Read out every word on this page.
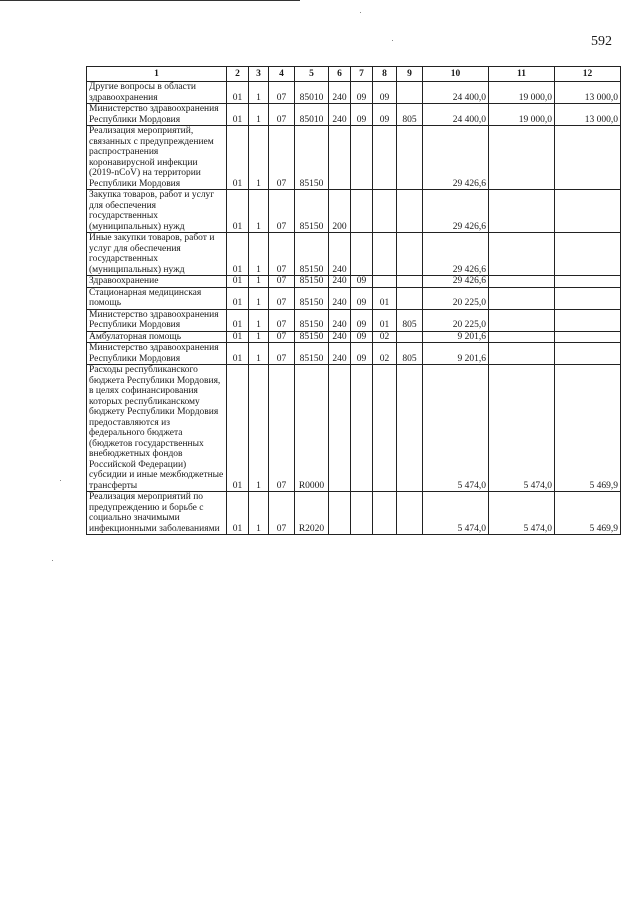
592
1	2	3	4	5	6	7	8	9	10	11	12
Другие вопросы в области здравоохранения	01	1	07	85010	240	09	09		24 400,0	19 000,0	13 000,0
Министерство здравоохранения Республики Мордовия	01	1	07	85010	240	09	09	805	24 400,0	19 000,0	13 000,0
Реализация мероприятий, связанных с предупреждением распространения коронавирусной инфекции (2019-nCoV) на территории Республики Мордовия	01	1	07	85150					29 426,6		
Закупка товаров, работ и услуг для обеспечения государственных (муниципальных) нужд	01	1	07	85150	200				29 426,6		
Иные закупки товаров, работ и услуг для обеспечения государственных (муниципальных) нужд	01	1	07	85150	240				29 426,6		
Здравоохранение	01	1	07	85150	240	09			29 426,6		
Стационарная медицинская помощь	01	1	07	85150	240	09	01		20 225,0		
Министерство здравоохранения Республики Мордовия	01	1	07	85150	240	09	01	805	20 225,0		
Амбулаторная помощь	01	1	07	85150	240	09	02		9 201,6		
Министерство здравоохранения Республики Мордовия	01	1	07	85150	240	09	02	805	9 201,6		
Расходы республиканского бюджета Республики Мордовия, в целях софинансирования которых республиканскому бюджету Республики Мордовия предоставляются из федерального бюджета (бюджетов государственных внебюджетных фондов Российской Федерации) субсидии и иные межбюджетные трансферты	01	1	07	R0000					5 474,0	5 474,0	5 469,9
Реализация мероприятий по предупреждению и борьбе с социально значимыми инфекционными заболеваниями	01	1	07	R2020					5 474,0	5 474,0	5 469,9
